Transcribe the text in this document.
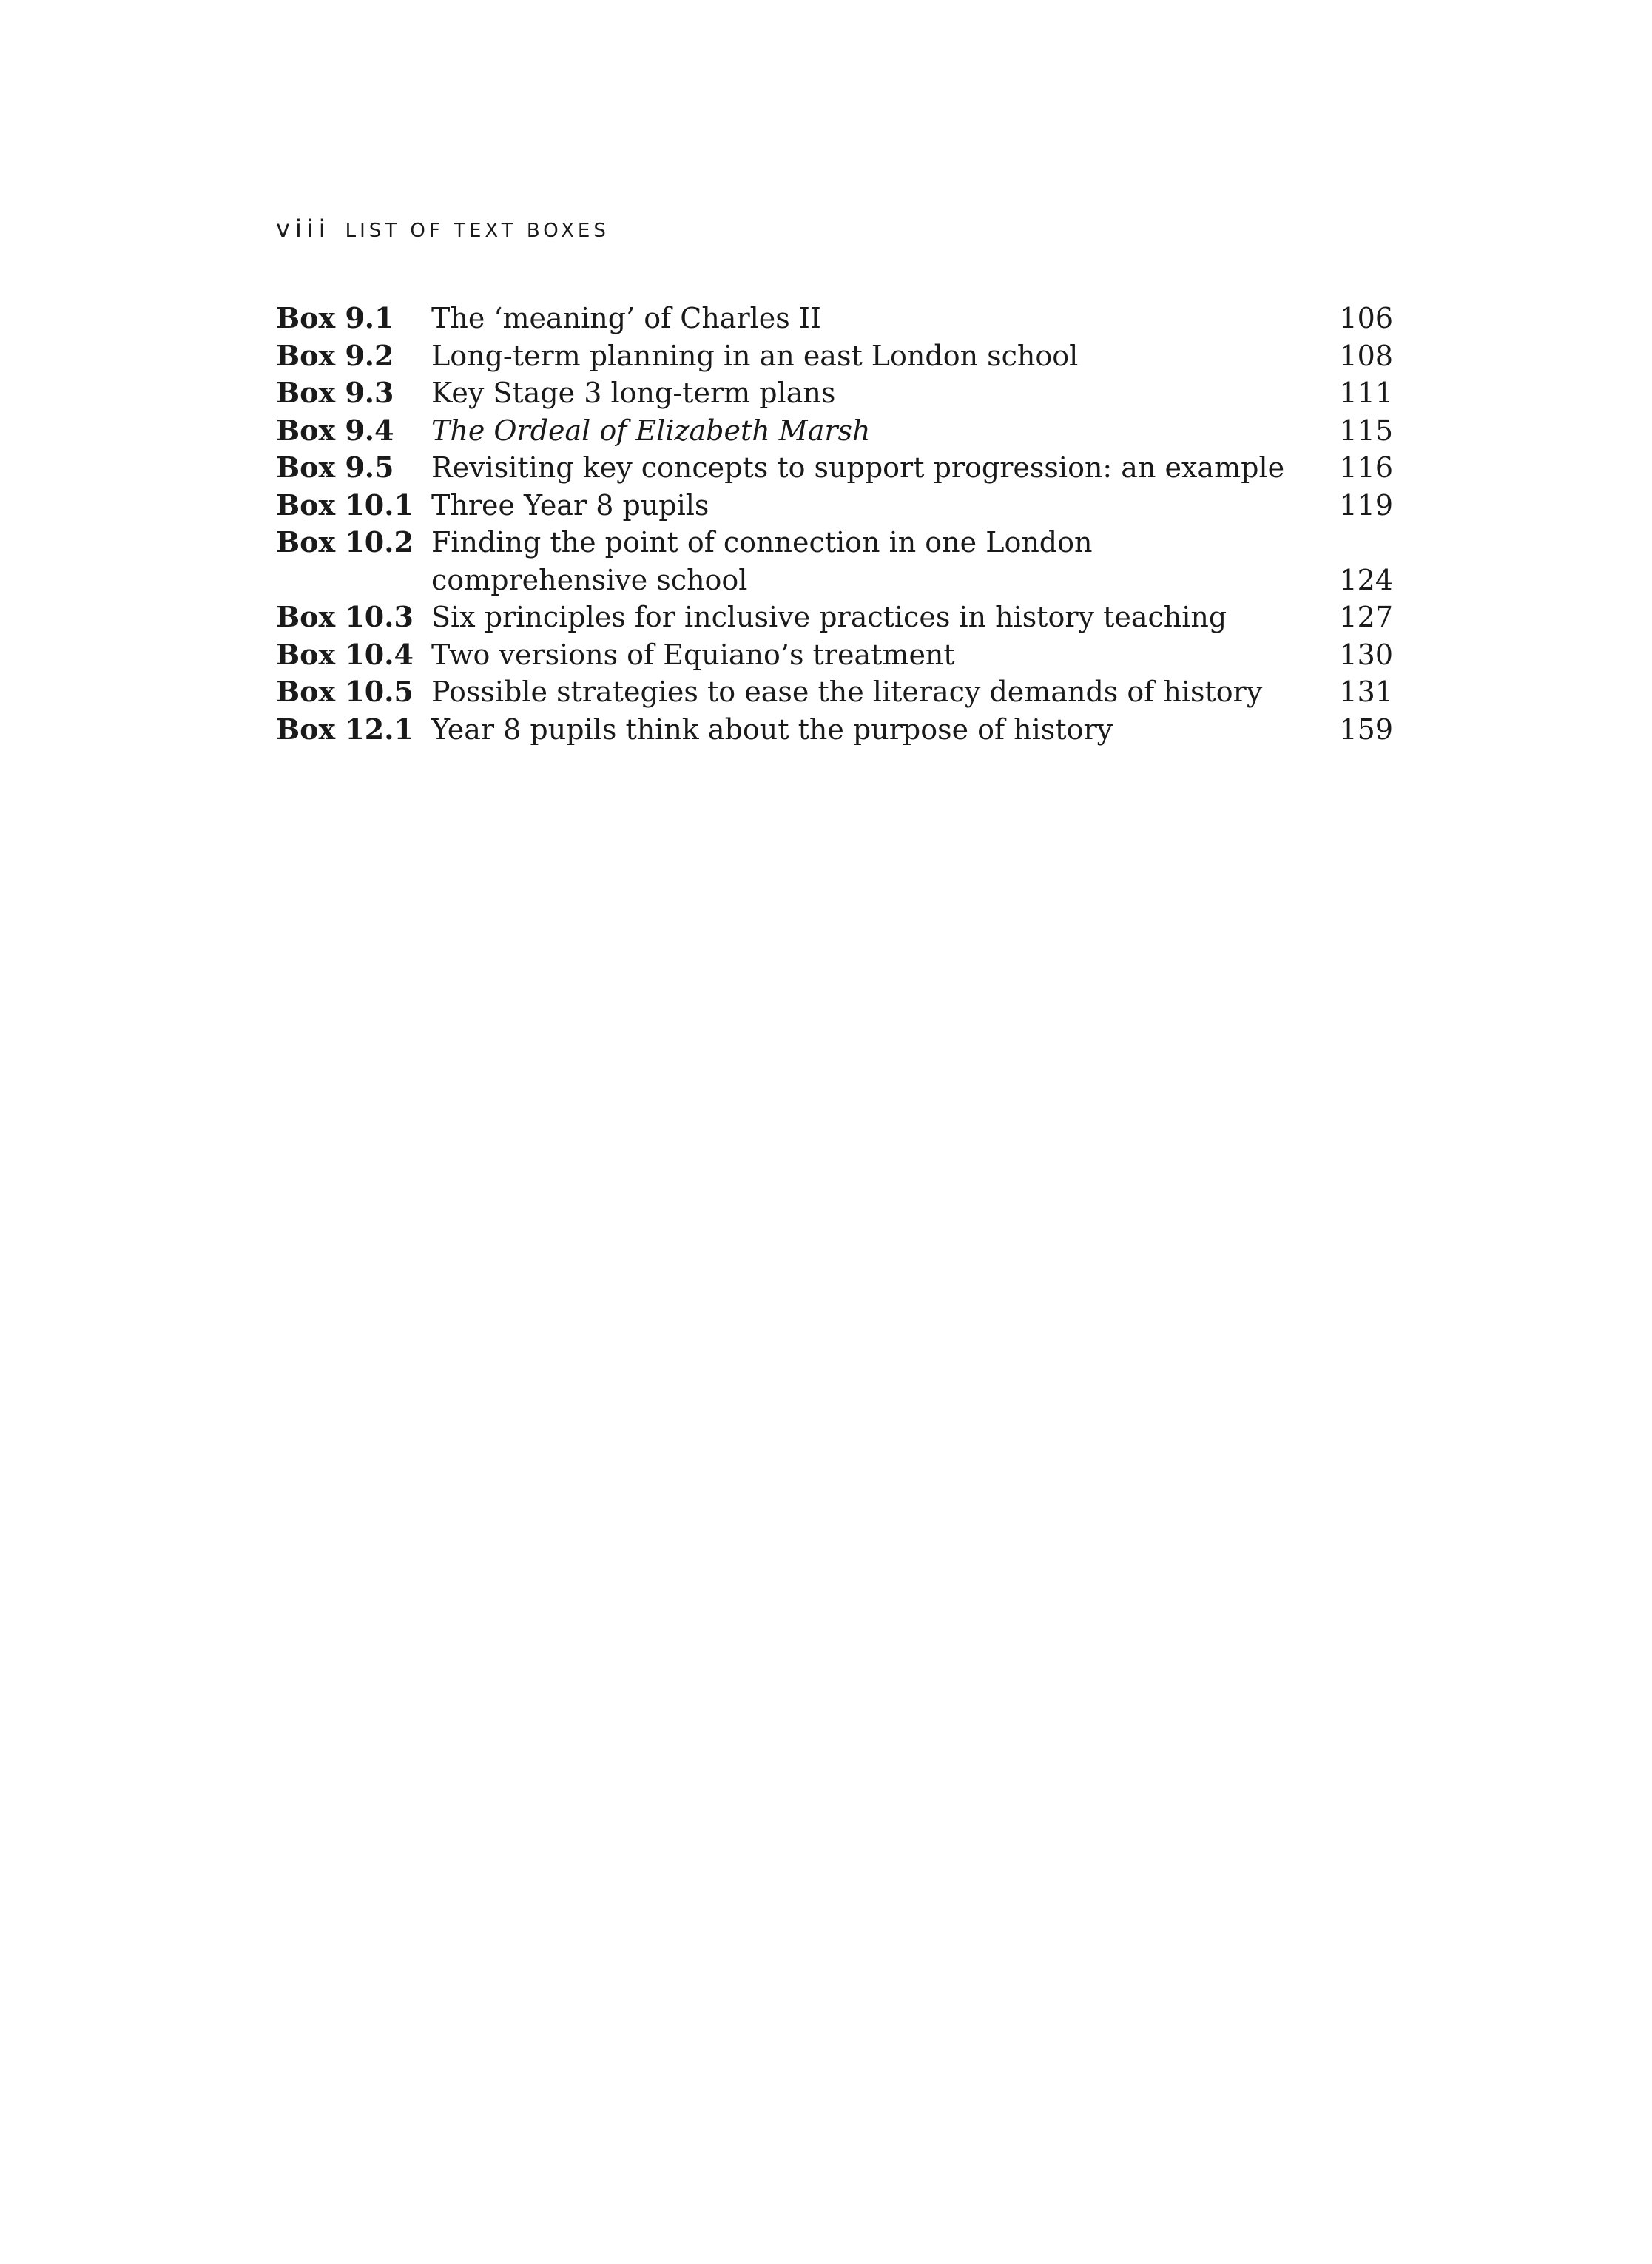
viii LIST OF TEXT BOXES
Box 9.1	The ‘meaning’ of Charles II	106
Box 9.2	Long-term planning in an east London school	108
Box 9.3	Key Stage 3 long-term plans	111
Box 9.4	The Ordeal of Elizabeth Marsh	115
Box 9.5	Revisiting key concepts to support progression: an example	116
Box 10.1 Three Year 8 pupils	119
Box 10.2 Finding the point of connection in one London
comprehensive school	124
Box 10.3 Six principles for inclusive practices in history teaching	127
Box 10.4 Two versions of Equiano’s treatment	130
Box 10.5 Possible strategies to ease the literacy demands of history	131
Box 12.1 Year 8 pupils think about the purpose of history	159
